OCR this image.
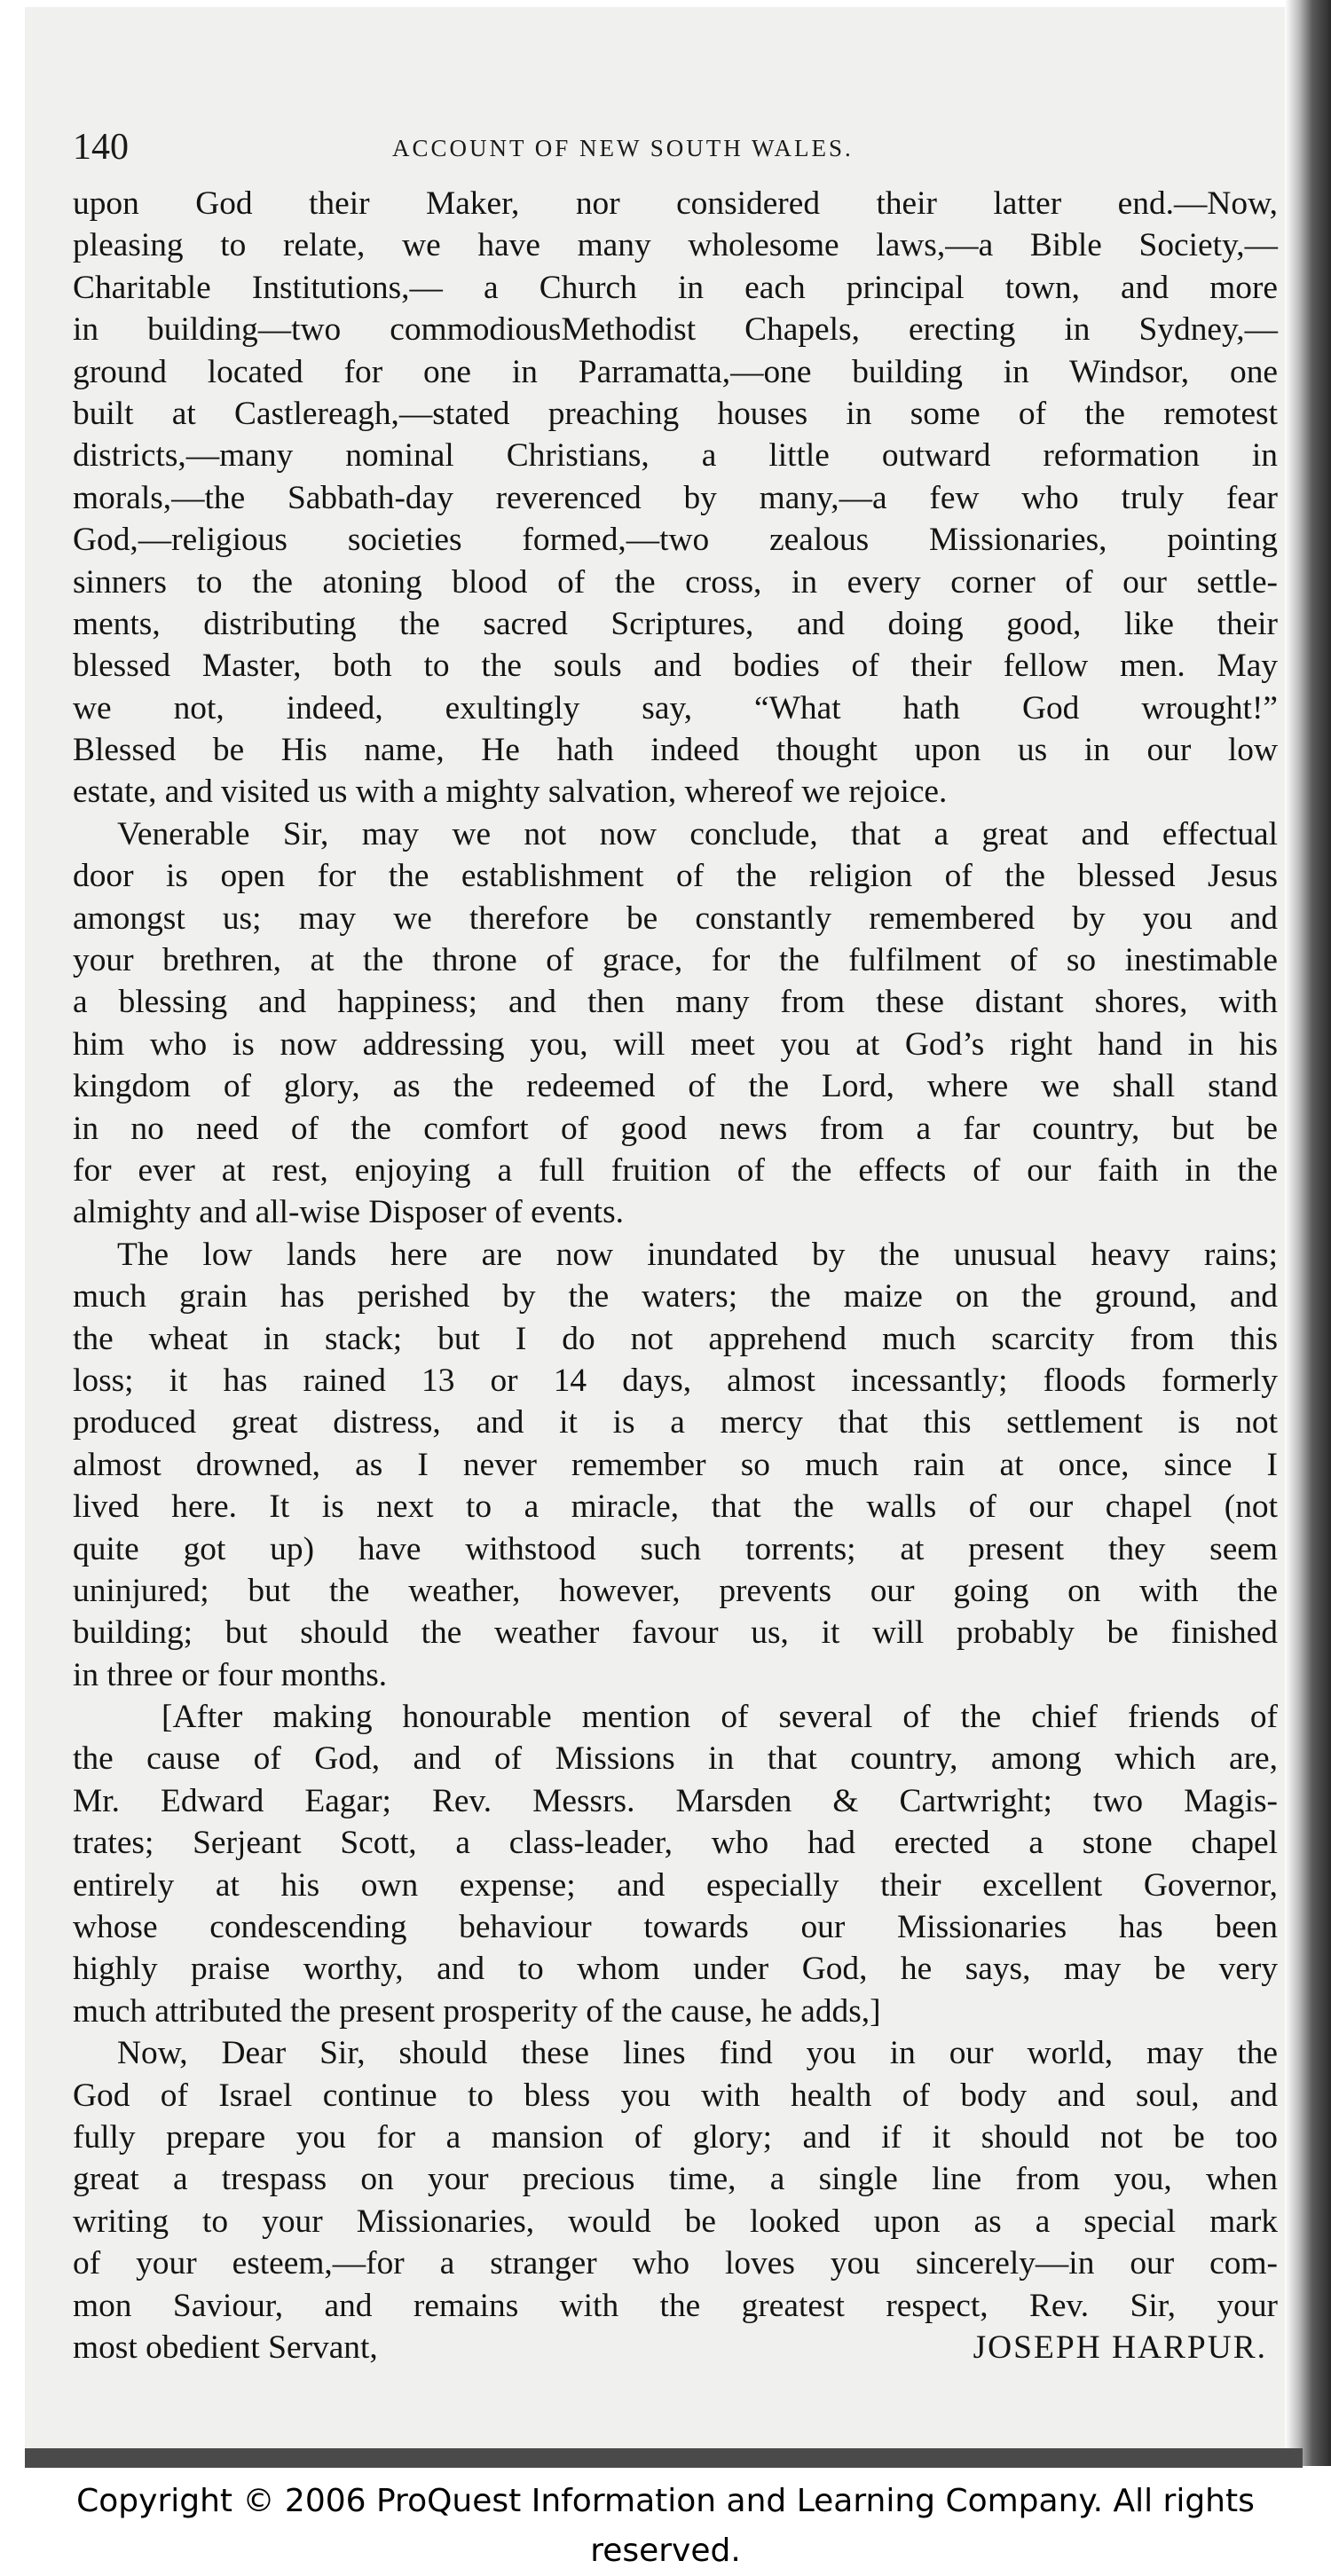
140	ACCOUNT OF NEW SOUTH WALES.
upon God their Maker, nor considered their latter end.—Now,
pleasing to relate, we have many wholesome laws,—a Bible Society,—
Charitable Institutions,— a Church in each principal town, and more
in building—two commodiousMethodist Chapels, erecting in Sydney,—
ground located for one in Parramatta,—one building in Windsor, one
built at Castlereagh,—stated preaching houses in some of the remotest
districts,—many nominal Christians, a little outward reformation in
morals,—the Sabbath-day reverenced by many,—a few who truly fear
God,—religious societies formed,—two zealous Missionaries, pointing
sinners to the atoning blood of the cross, in every corner of our settle-
ments, distributing the sacred Scriptures, and doing good, like their
blessed Master, both to the souls and bodies of their fellow men. May
we not, indeed, exultingly say, “What hath God wrought!”
Blessed be His name, He hath indeed thought upon us in our low
estate, and visited us with a mighty salvation, whereof we rejoice.
Venerable Sir, may we not now conclude, that a great and effectual
door is open for the establishment of the religion of the blessed Jesus
amongst us; may we therefore be constantly remembered by you and
your brethren, at the throne of grace, for the fulfilment of so inestimable
a blessing and happiness; and then many from these distant shores, with
him who is now addressing you, will meet you at God’s right hand in his
kingdom of glory, as the redeemed of the Lord, where we shall stand
in no need of the comfort of good news from a far country, but be
for ever at rest, enjoying a full fruition of the effects of our faith in the
almighty and all-wise Disposer of events.
The low lands here are now inundated by the unusual heavy rains;
much grain has perished by the waters; the maize on the ground, and
the wheat in stack; but I do not apprehend much scarcity from this
loss; it has rained 13 or 14 days, almost incessantly; floods formerly
produced great distress, and it is a mercy that this settlement is not
almost drowned, as I never remember so much rain at once, since I
lived here. It is next to a miracle, that the walls of our chapel (not
quite got up) have withstood such torrents; at present they seem
uninjured; but the weather, however, prevents our going on with the
building; but should the weather favour us, it will probably be finished
in three or four months.
[After making honourable mention of several of the chief friends of
the cause of God, and of Missions in that country, among which are,
Mr. Edward Eagar; Rev. Messrs. Marsden & Cartwright; two Magis-
trates; Serjeant Scott, a class-leader, who had erected a stone chapel
entirely at his own expense; and especially their excellent Governor,
whose condescending behaviour towards our Missionaries has been
highly praise worthy, and to whom under God, he says, may be very
much attributed the present prosperity of the cause, he adds,]
Now, Dear Sir, should these lines find you in our world, may the
God of Israel continue to bless you with health of body and soul, and
fully prepare you for a mansion of glory; and if it should not be too
great a trespass on your precious time, a single line from you, when
writing to your Missionaries, would be looked upon as a special mark
of your esteem,—for a stranger who loves you sincerely—in our com-
mon Saviour, and remains with the greatest respect, Rev. Sir, your
most obedient Servant,	JOSEPH HARPUR.
Copyright © 2006 ProQuest Information and Learning Company. All rights reserved.
